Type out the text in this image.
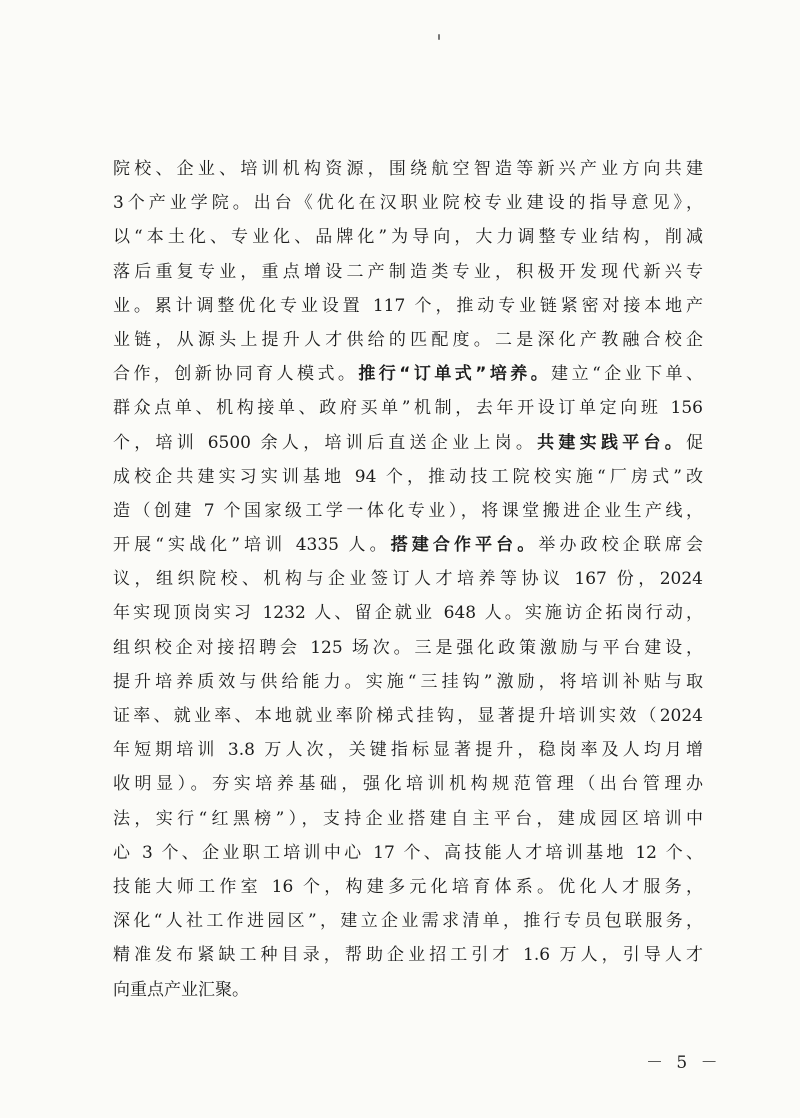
院校、企业、培训机构资源，围绕航空智造等新兴产业方向共建
3个产业学院。出台《优化在汉职业院校专业建设的指导意见》，
以“本土化、专业化、品牌化”为导向，大力调整专业结构，削减
落后重复专业，重点增设二产制造类专业，积极开发现代新兴专
业。累计调整优化专业设置 117 个，推动专业链紧密对接本地产
业链，从源头上提升人才供给的匹配度。二是深化产教融合校企
合作，创新协同育人模式。推行“订单式”培养。建立“企业下单、
群众点单、机构接单、政府买单”机制，去年开设订单定向班 156
个，培训 6500 余人，培训后直送企业上岗。共建实践平台。促
成校企共建实习实训基地 94 个，推动技工院校实施“厂房式”改
造（创建 7 个国家级工学一体化专业），将课堂搬进企业生产线，
开展“实战化”培训 4335 人。搭建合作平台。举办政校企联席会
议，组织院校、机构与企业签订人才培养等协议 167 份，2024
年实现顶岗实习 1232 人、留企就业 648 人。实施访企拓岗行动，
组织校企对接招聘会 125 场次。三是强化政策激励与平台建设，
提升培养质效与供给能力。实施“三挂钩”激励，将培训补贴与取
证率、就业率、本地就业率阶梯式挂钩，显著提升培训实效（2024
年短期培训 3.8 万人次，关键指标显著提升，稳岗率及人均月增
收明显）。夯实培养基础，强化培训机构规范管理（出台管理办
法，实行“红黑榜”），支持企业搭建自主平台，建成园区培训中
心 3 个、企业职工培训中心 17 个、高技能人才培训基地 12 个、
技能大师工作室 16 个，构建多元化培育体系。优化人才服务，
深化“人社工作进园区”，建立企业需求清单，推行专员包联服务，
精准发布紧缺工种目录，帮助企业招工引才 1.6 万人，引导人才
向重点产业汇聚。
－ 5 －
